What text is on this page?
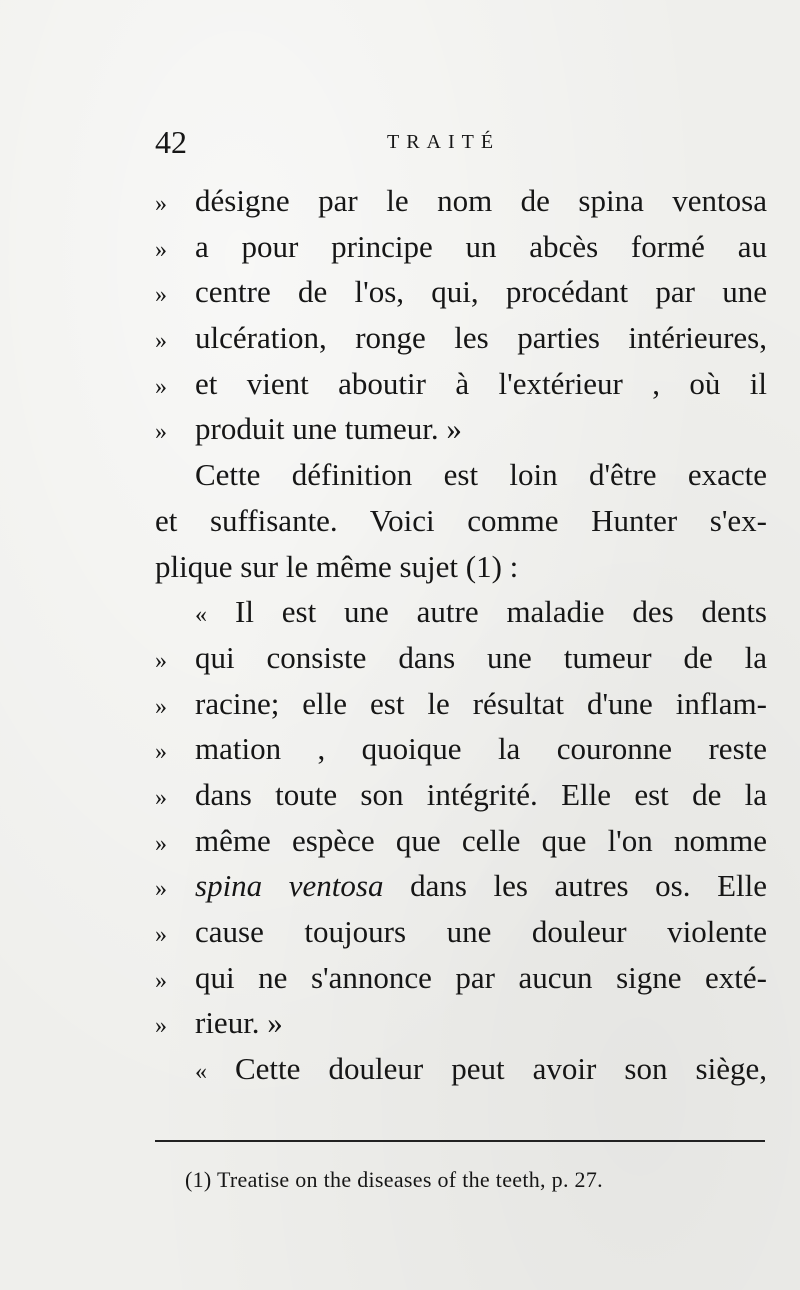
42	TRAITÉ
» désigne par le nom de spina ventosa
» a pour principe un abcès formé au
» centre de l'os, qui, procédant par une
» ulcération, ronge les parties intérieures,
» et vient aboutir à l'extérieur , où il
» produit une tumeur. »
Cette définition est loin d'être exacte
et suffisante. Voici comme Hunter s'ex-
plique sur le même sujet (1) :
« Il est une autre maladie des dents
» qui consiste dans une tumeur de la
» racine; elle est le résultat d'une inflam-
» mation , quoique la couronne reste
» dans toute son intégrité. Elle est de la
» même espèce que celle que l'on nomme
» spina ventosa dans les autres os. Elle
» cause toujours une douleur violente
» qui ne s'annonce par aucun signe exté-
» rieur. »
« Cette douleur peut avoir son siège,
(1) Treatise on the diseases of the teeth, p. 27.
